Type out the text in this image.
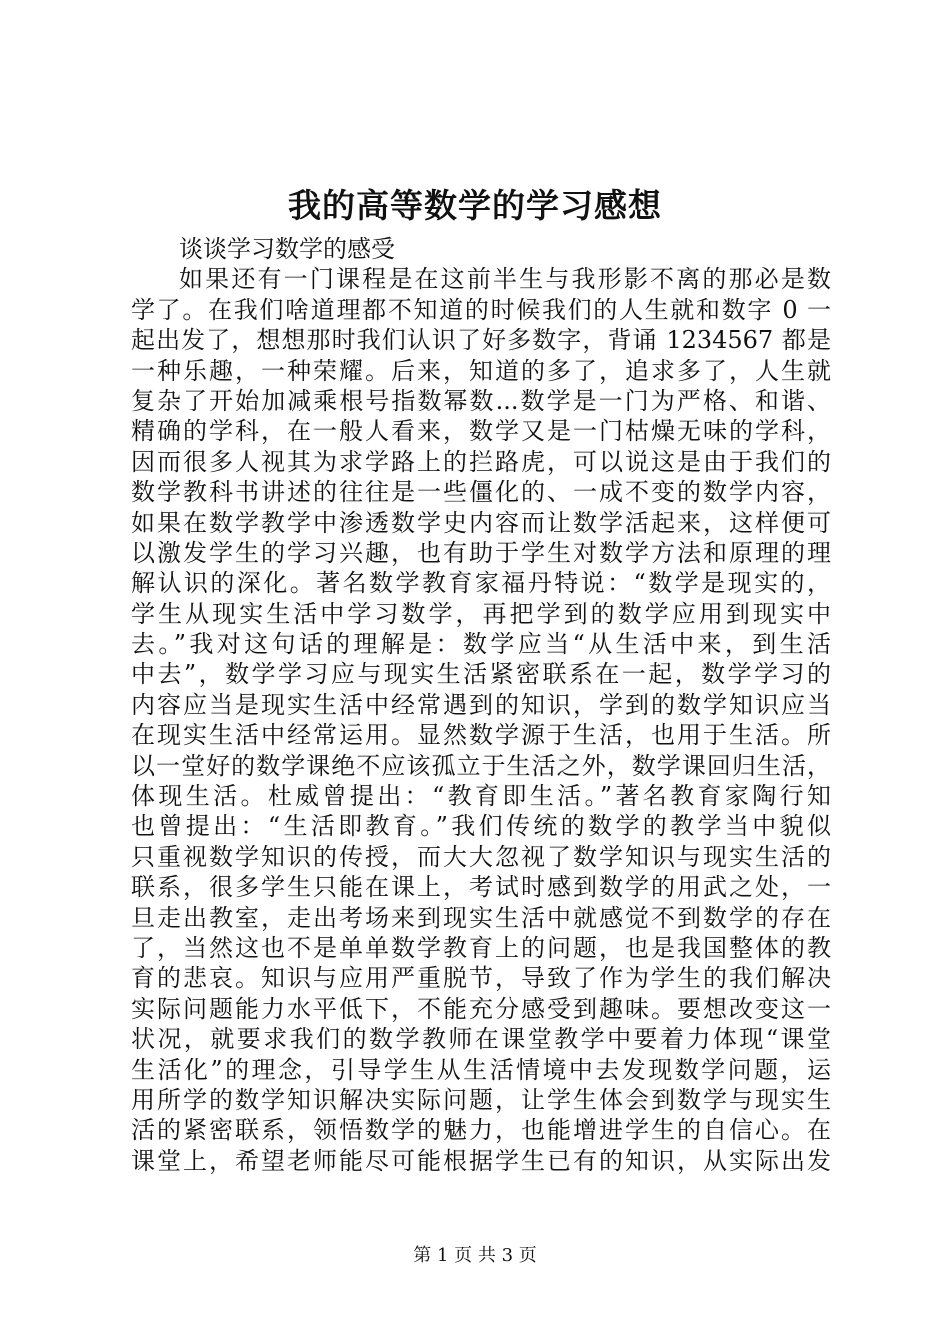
我的高等数学的学习感想
谈谈学习数学的感受
如果还有一门课程是在这前半生与我形影不离的那必是数
学了。在我们啥道理都不知道的时候我们的人生就和数字 0 一
起出发了，想想那时我们认识了好多数字，背诵 1234567 都是
一种乐趣，一种荣耀。后来，知道的多了，追求多了，人生就
复杂了开始加减乘根号指数幂数...数学是一门为严格、和谐、
精确的学科，在一般人看来，数学又是一门枯燥无味的学科，
因而很多人视其为求学路上的拦路虎，可以说这是由于我们的
数学教科书讲述的往往是一些僵化的、一成不变的数学内容，
如果在数学教学中渗透数学史内容而让数学活起来，这样便可
以激发学生的学习兴趣，也有助于学生对数学方法和原理的理
解认识的深化。著名数学教育家福丹特说：“数学是现实的，
学生从现实生活中学习数学，再把学到的数学应用到现实中
去。”我对这句话的理解是：数学应当“从生活中来，到生活
中去”，数学学习应与现实生活紧密联系在一起，数学学习的
内容应当是现实生活中经常遇到的知识，学到的数学知识应当
在现实生活中经常运用。显然数学源于生活，也用于生活。所
以一堂好的数学课绝不应该孤立于生活之外，数学课回归生活，
体现生活。杜威曾提出：“教育即生活。”著名教育家陶行知
也曾提出：“生活即教育。”我们传统的数学的教学当中貌似
只重视数学知识的传授，而大大忽视了数学知识与现实生活的
联系，很多学生只能在课上，考试时感到数学的用武之处，一
旦走出教室，走出考场来到现实生活中就感觉不到数学的存在
了，当然这也不是单单数学教育上的问题，也是我国整体的教
育的悲哀。知识与应用严重脱节，导致了作为学生的我们解决
实际问题能力水平低下，不能充分感受到趣味。要想改变这一
状况，就要求我们的数学教师在课堂教学中要着力体现“课堂
生活化”的理念，引导学生从生活情境中去发现数学问题，运
用所学的数学知识解决实际问题，让学生体会到数学与现实生
活的紧密联系，领悟数学的魅力，也能增进学生的自信心。在
课堂上，希望老师能尽可能根据学生已有的知识，从实际出发
第 1 页 共 3 页
